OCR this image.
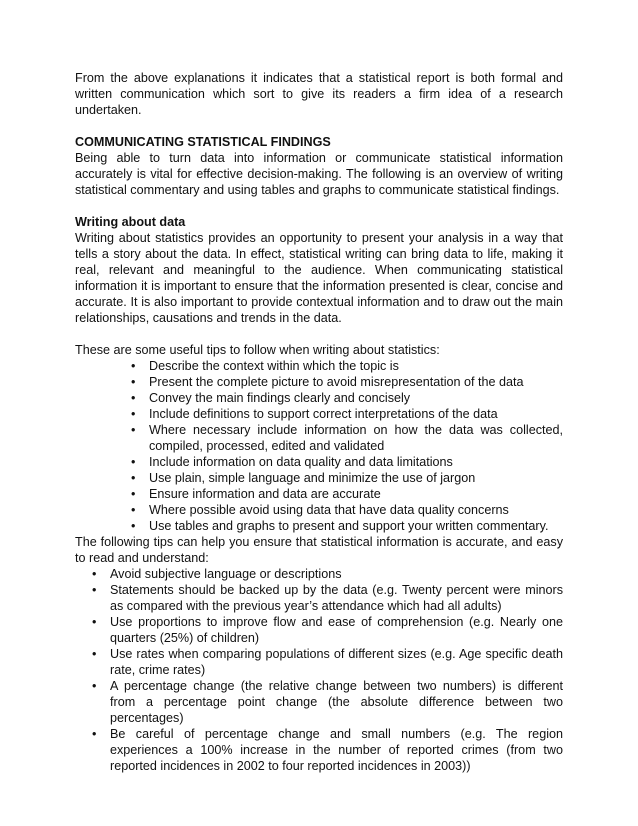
From the above explanations it indicates that a statistical report is both formal and written communication which sort to give its readers a firm idea of a research undertaken.

COMMUNICATING STATISTICAL FINDINGS

Being able to turn data into information or communicate statistical information accurately is vital for effective decision-making. The following is an overview of writing statistical commentary and using tables and graphs to communicate statistical findings.

Writing about data

Writing about statistics provides an opportunity to present your analysis in a way that tells a story about the data. In effect, statistical writing can bring data to life, making it real, relevant and meaningful to the audience. When communicating statistical information it is important to ensure that the information presented is clear, concise and accurate. It is also important to provide contextual information and to draw out the main relationships, causations and trends in the data.

These are some useful tips to follow when writing about statistics:

• Describe the context within which the topic is
• Present the complete picture to avoid misrepresentation of the data
• Convey the main findings clearly and concisely
• Include definitions to support correct interpretations of the data
• Where necessary include information on how the data was collected, compiled, processed, edited and validated
• Include information on data quality and data limitations
• Use plain, simple language and minimize the use of jargon
• Ensure information and data are accurate
• Where possible avoid using data that have data quality concerns
• Use tables and graphs to present and support your written commentary.

The following tips can help you ensure that statistical information is accurate, and easy to read and understand:

• Avoid subjective language or descriptions
• Statements should be backed up by the data (e.g. Twenty percent were minors as compared with the previous year’s attendance which had all adults)
• Use proportions to improve flow and ease of comprehension (e.g. Nearly one quarters (25%) of children)
• Use rates when comparing populations of different sizes (e.g. Age specific death rate, crime rates)
• A percentage change (the relative change between two numbers) is different from a percentage point change (the absolute difference between two percentages)
• Be careful of percentage change and small numbers (e.g. The region experiences a 100% increase in the number of reported crimes (from two reported incidences in 2002 to four reported incidences in 2003))
